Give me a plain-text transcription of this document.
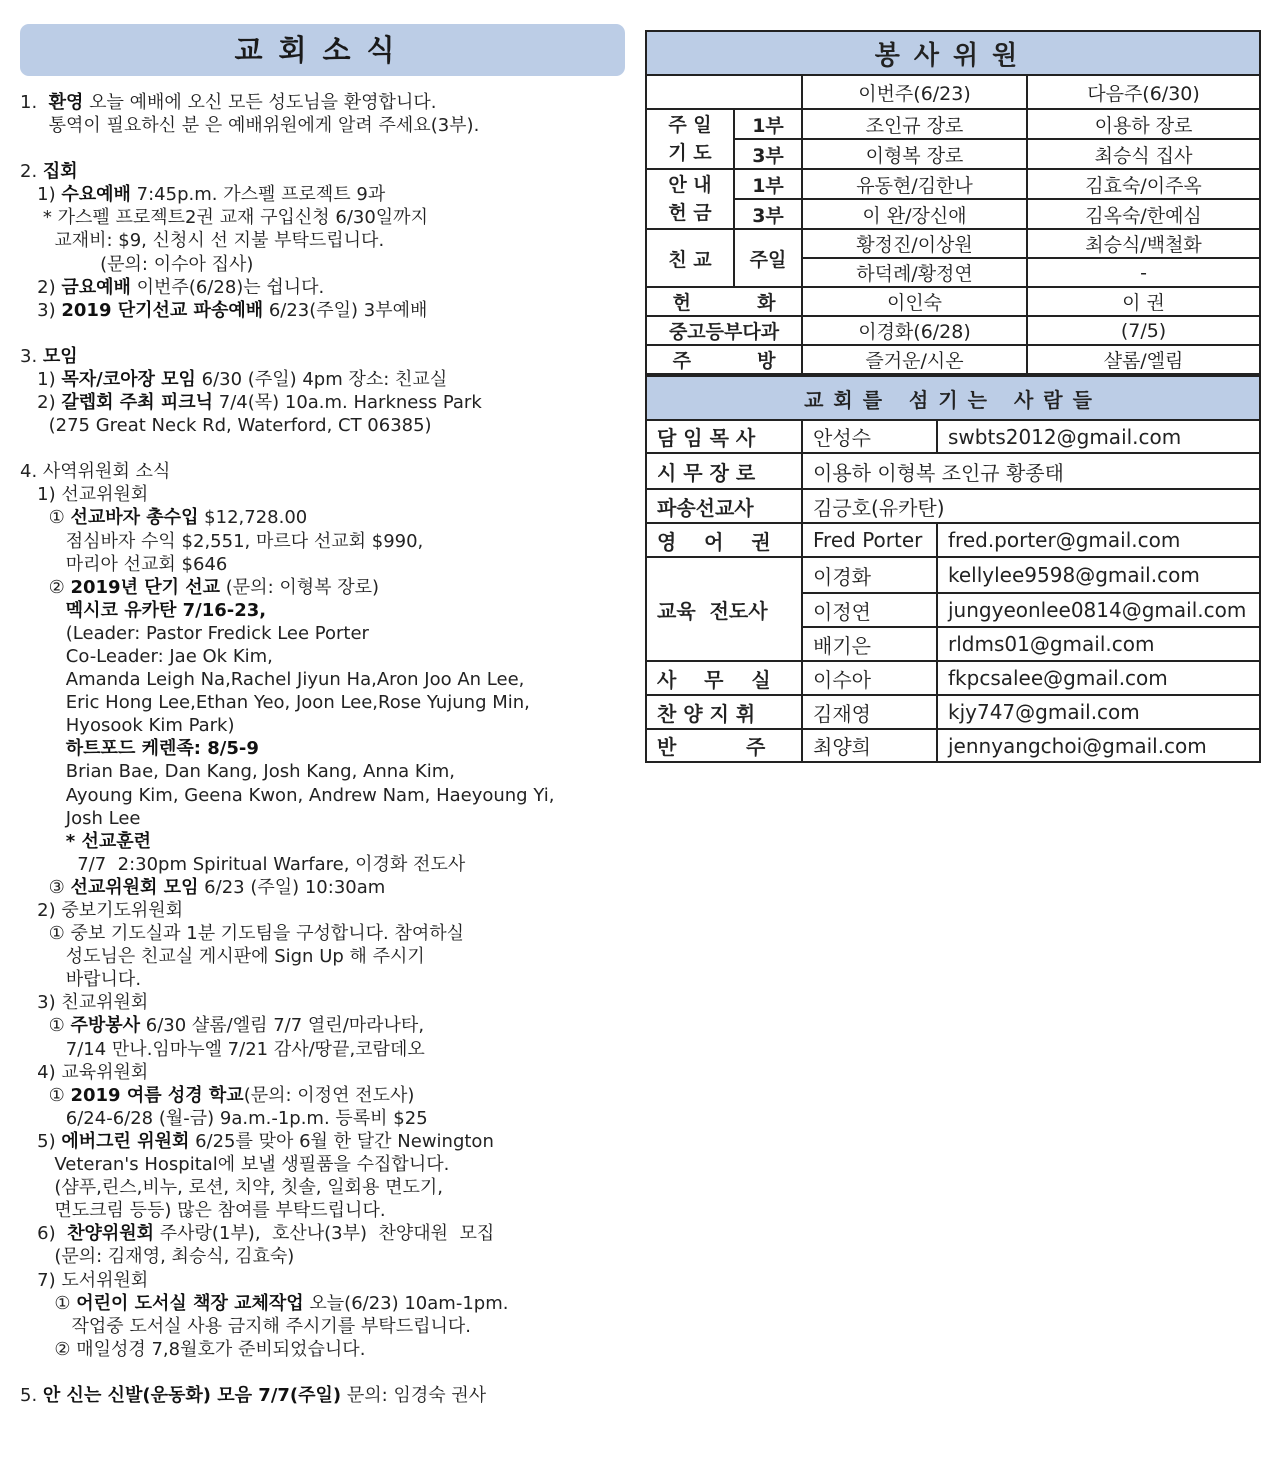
교회소식
1.  환영 오늘 예배에 오신 모든 성도님을 환영합니다.
통역이 필요하신 분 은 예배위원에게 알려 주세요(3부).
2. 집회
1) 수요예배 7:45p.m. 가스펠 프로젝트 9과
* 가스펠 프로젝트2권 교재 구입신청 6/30일까지
교재비: $9, 신청시 선 지불 부탁드립니다.
(문의: 이수아 집사)
2) 금요예배 이번주(6/28)는 쉽니다.
3) 2019 단기선교 파송예배 6/23(주일) 3부예배
3. 모임
1) 목자/코아장 모임 6/30 (주일) 4pm 장소: 친교실
2) 갈렙회 주최 피크닉 7/4(목) 10a.m. Harkness Park
(275 Great Neck Rd, Waterford, CT 06385)
4. 사역위원회 소식
1) 선교위원회
① 선교바자 총수입 $12,728.00
점심바자 수익 $2,551, 마르다 선교회 $990,
마리아 선교회 $646
② 2019년 단기 선교 (문의: 이형복 장로)
멕시코 유카탄 7/16-23,
(Leader: Pastor Fredick Lee Porter
Co-Leader: Jae Ok Kim,
Amanda Leigh Na,Rachel Jiyun Ha,Aron Joo An Lee,
Eric Hong Lee,Ethan Yeo, Joon Lee,Rose Yujung Min,
Hyosook Kim Park)
하트포드 케렌족: 8/5-9
Brian Bae, Dan Kang, Josh Kang, Anna Kim,
Ayoung Kim, Geena Kwon, Andrew Nam, Haeyoung Yi,
Josh Lee
* 선교훈련
7/7  2:30pm Spiritual Warfare, 이경화 전도사
③ 선교위원회 모임 6/23 (주일) 10:30am
2) 중보기도위원회
① 중보 기도실과 1분 기도팀을 구성합니다. 참여하실
성도님은 친교실 게시판에 Sign Up 해 주시기
바랍니다.
3) 친교위원회
① 주방봉사 6/30 샬롬/엘림 7/7 열린/마라나타,
7/14 만나.임마누엘 7/21 감사/땅끝,코람데오
4) 교육위원회
① 2019 여름 성경 학교(문의: 이정연 전도사)
6/24-6/28 (월-금) 9a.m.-1p.m. 등록비 $25
5) 에버그린 위원회 6/25를 맞아 6월 한 달간 Newington
Veteran's Hospital에 보낼 생필품을 수집합니다.
(샴푸,린스,비누, 로션, 치약, 칫솔, 일회용 면도기,
면도크림 등등) 많은 참여를 부탁드립니다.
6)  찬양위원회 주사랑(1부),  호산나(3부)  찬양대원  모집
(문의: 김재영, 최승식, 김효숙)
7) 도서위원회
① 어린이 도서실 책장 교체작업 오늘(6/23) 10am-1pm.
작업중 도서실 사용 금지해 주시기를 부탁드립니다.
② 매일성경 7,8월호가 준비되었습니다.
5. 안 신는 신발(운동화) 모음 7/7(주일) 문의: 임경숙 권사
봉사위원			
		이번주(6/23)	다음주(6/30)
주 일
기 도	1부	조인규 장로	이용하 장로
	3부	이형복 장로	최승식 집사
안 내
헌 금	1부	유동현/김한나	김효숙/이주옥
	3부	이 완/장신애	김옥숙/한예심
친 교	주일	황정진/이상원	최승식/백철화
		하덕례/황정연	-
헌          화		이인숙	이 권
중고등부다과		이경화(6/28)	(7/5)
주          방		즐거운/시온	샬롬/엘림
교회를 섬기는 사람들		
담 임 목 사	안성수	swbts2012@gmail.com
시 무 장 로	이용하 이형복 조인규 황종태	
파송선교사	김긍호(유카탄)	
영    어    권	Fred Porter	fred.porter@gmail.com
교육  전도사	이경화	kellylee9598@gmail.com
	이정연	jungyeonlee0814@gmail.com
	배기은	rldms01@gmail.com
사    무    실	이수아	fkpcsalee@gmail.com
찬 양 지 휘	김재영	kjy747@gmail.com
반          주	최양희	jennyangchoi@gmail.com
